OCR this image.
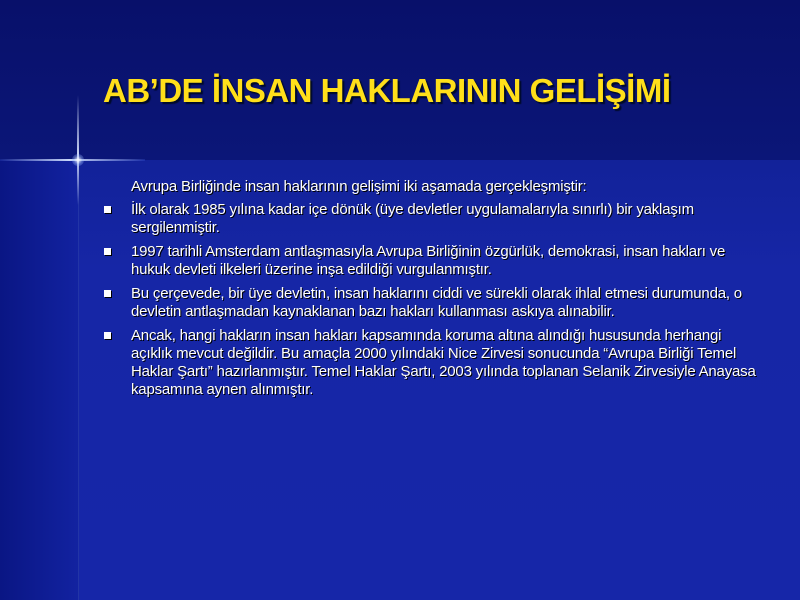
AB’DE İNSAN HAKLARININ GELİŞİMİ

Avrupa Birliğinde insan haklarının gelişimi iki aşamada gerçekleşmiştir:

İlk olarak 1985 yılına kadar içe dönük (üye devletler uygulamalarıyla sınırlı) bir yaklaşım sergilenmiştir.
1997 tarihli Amsterdam antlaşmasıyla Avrupa Birliğinin özgürlük, demokrasi, insan hakları ve hukuk devleti ilkeleri üzerine inşa edildiği vurgulanmıştır.
Bu çerçevede, bir üye devletin, insan haklarını ciddi ve sürekli olarak ihlal etmesi durumunda, o devletin antlaşmadan kaynaklanan bazı hakları kullanması askıya alınabilir.
Ancak, hangi hakların insan hakları kapsamında koruma altına alındığı hususunda herhangi açıklık mevcut değildir. Bu amaçla 2000 yılındaki Nice Zirvesi sonucunda “Avrupa Birliği Temel Haklar Şartı” hazırlanmıştır. Temel Haklar Şartı, 2003 yılında toplanan Selanik Zirvesiyle Anayasa kapsamına aynen alınmıştır.
